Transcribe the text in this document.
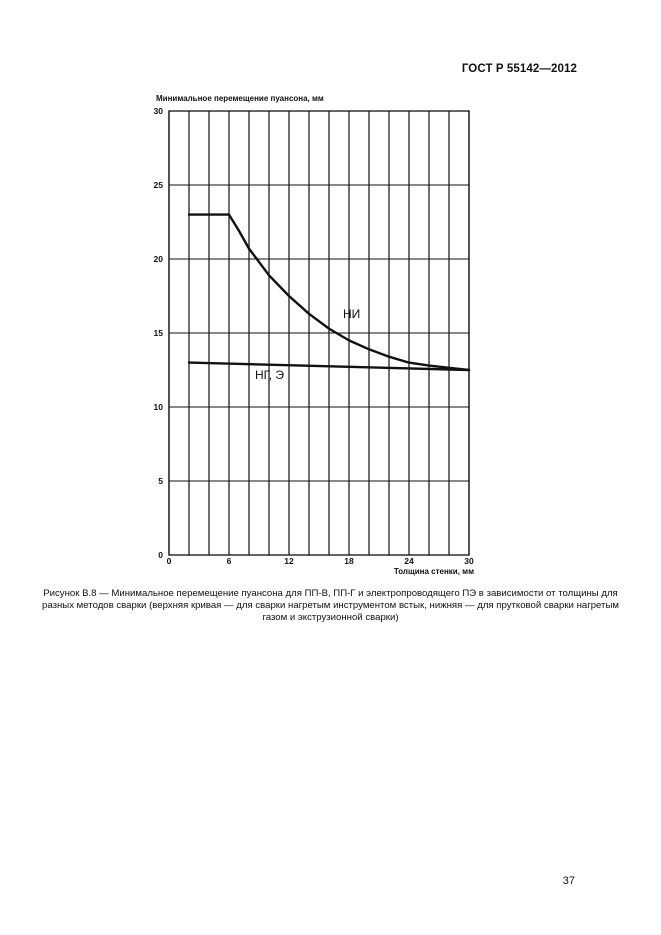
ГОСТ Р 55142—2012

0	6	12	18	24	30
0
5
10
15
20
25
30
Минимальное перемещение пуансона, мм
Толщина стенки, мм
НИ
НГ, Э

Рисунок В.8 — Минимальное перемещение пуансона для ПП-В, ПП-Г и электропроводящего ПЭ в зависимости от толщины для разных методов сварки (верхняя кривая — для сварки нагретым инструментом встык, нижняя — для прутковой сварки нагретым газом и экструзионной сварки)

37
